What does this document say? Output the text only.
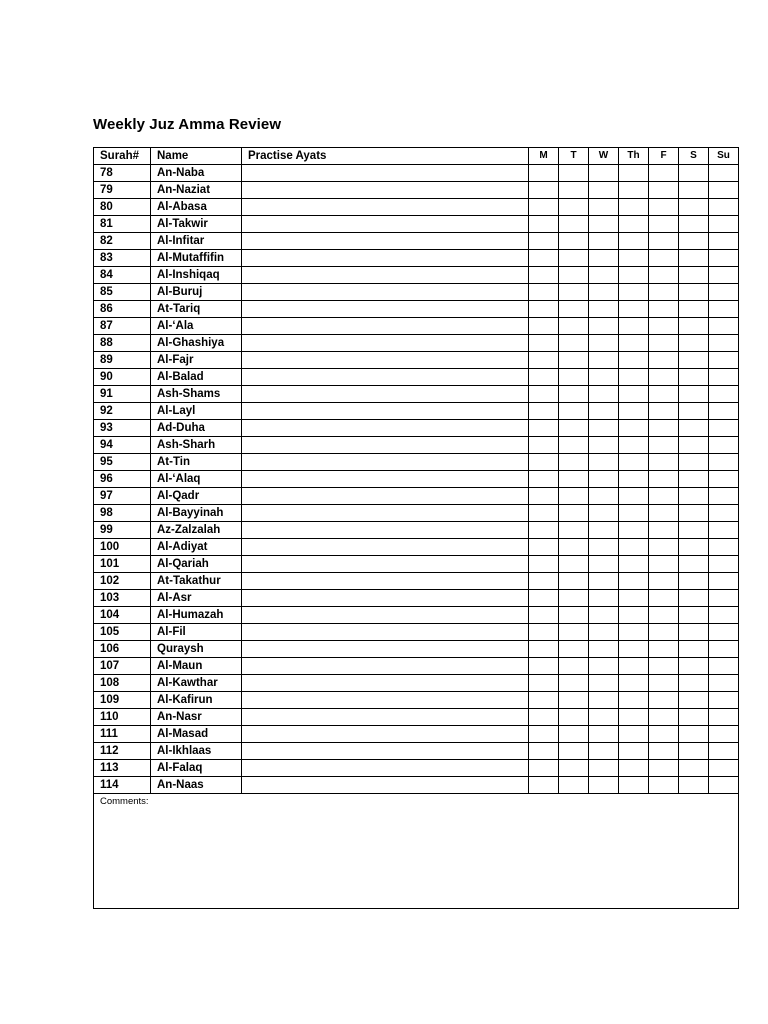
Weekly Juz Amma Review
Surah#	Name	Practise Ayats	M	T	W	Th	F	S	Su
78	An-Naba								
79	An-Naziat								
80	Al-Abasa								
81	Al-Takwir								
82	Al-Infitar								
83	Al-Mutaffifin								
84	Al-Inshiqaq								
85	Al-Buruj								
86	At-Tariq								
87	Al-‘Ala								
88	Al-Ghashiya								
89	Al-Fajr								
90	Al-Balad								
91	Ash-Shams								
92	Al-Layl								
93	Ad-Duha								
94	Ash-Sharh								
95	At-Tin								
96	Al-‘Alaq								
97	Al-Qadr								
98	Al-Bayyinah								
99	Az-Zalzalah								
100	Al-Adiyat								
101	Al-Qariah								
102	At-Takathur								
103	Al-Asr								
104	Al-Humazah								
105	Al-Fil								
106	Quraysh								
107	Al-Maun								
108	Al-Kawthar								
109	Al-Kafirun								
110	An-Nasr								
111	Al-Masad								
112	Al-Ikhlaas								
113	Al-Falaq								
114	An-Naas								
Comments:									
